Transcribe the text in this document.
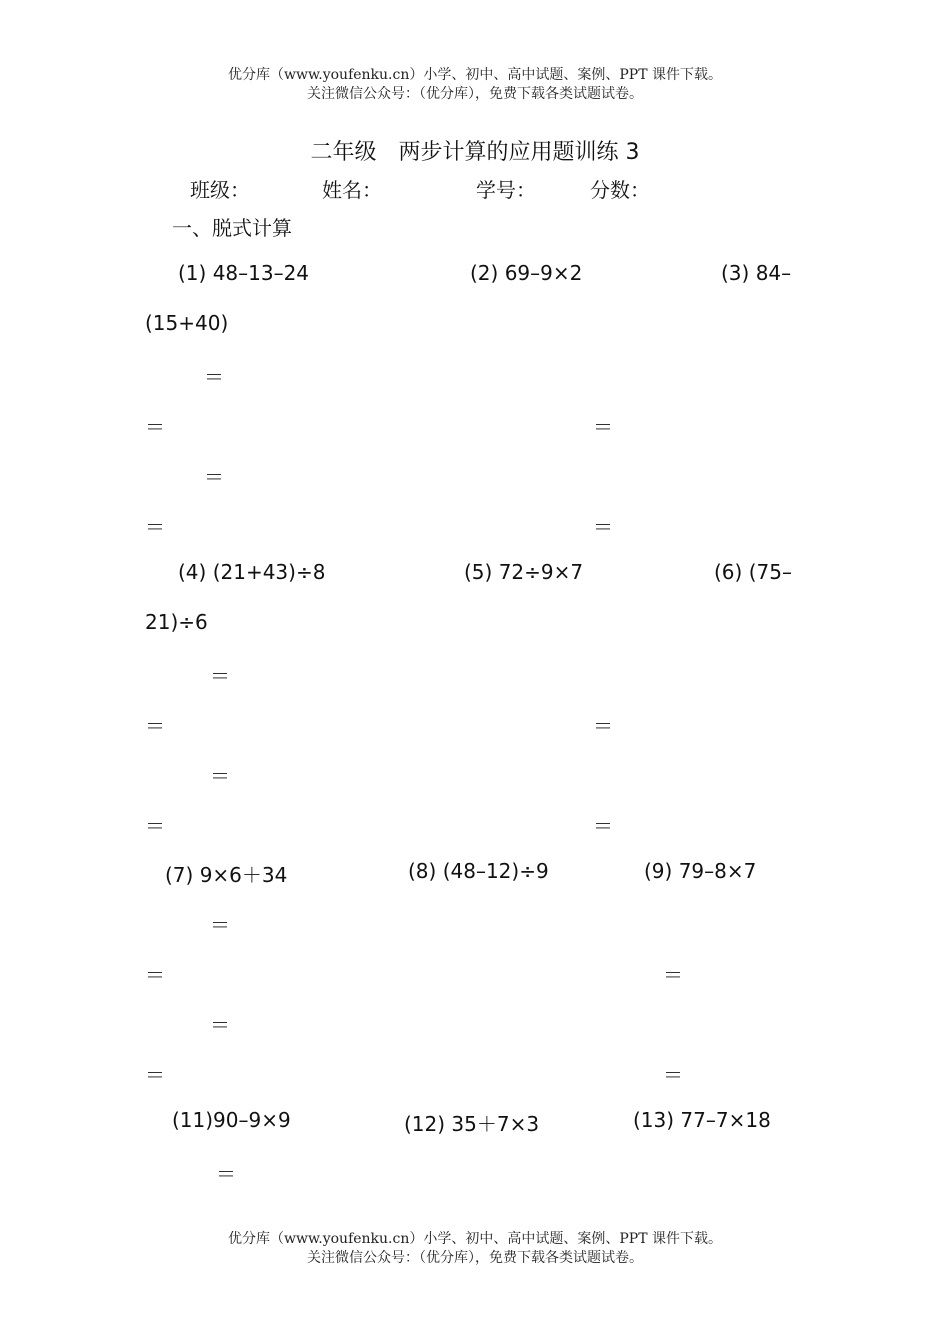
优分库（www.youfenku.cn）小学、初中、高中试题、案例、PPT 课件下载。
关注微信公众号：（优分库），免费下载各类试题试卷。
二年级　两步计算的应用题训练 3
班级：	姓名：	学号：	分数：
一、脱式计算
(1) 48–13–24	(2) 69–9×2	(3) 84–
(15+40)
＝
＝	＝
＝
＝	＝
(4) (21+43)÷8	(5) 72÷9×7	(6) (75–
21)÷6
＝
＝	＝
＝
＝	＝
(7) 9×6＋34	(8) (48–12)÷9	(9) 79–8×7
＝
＝	＝
＝
＝	＝
(11)90–9×9	(12) 35＋7×3	(13) 77–7×18
＝
优分库（www.youfenku.cn）小学、初中、高中试题、案例、PPT 课件下载。
关注微信公众号：（优分库），免费下载各类试题试卷。
